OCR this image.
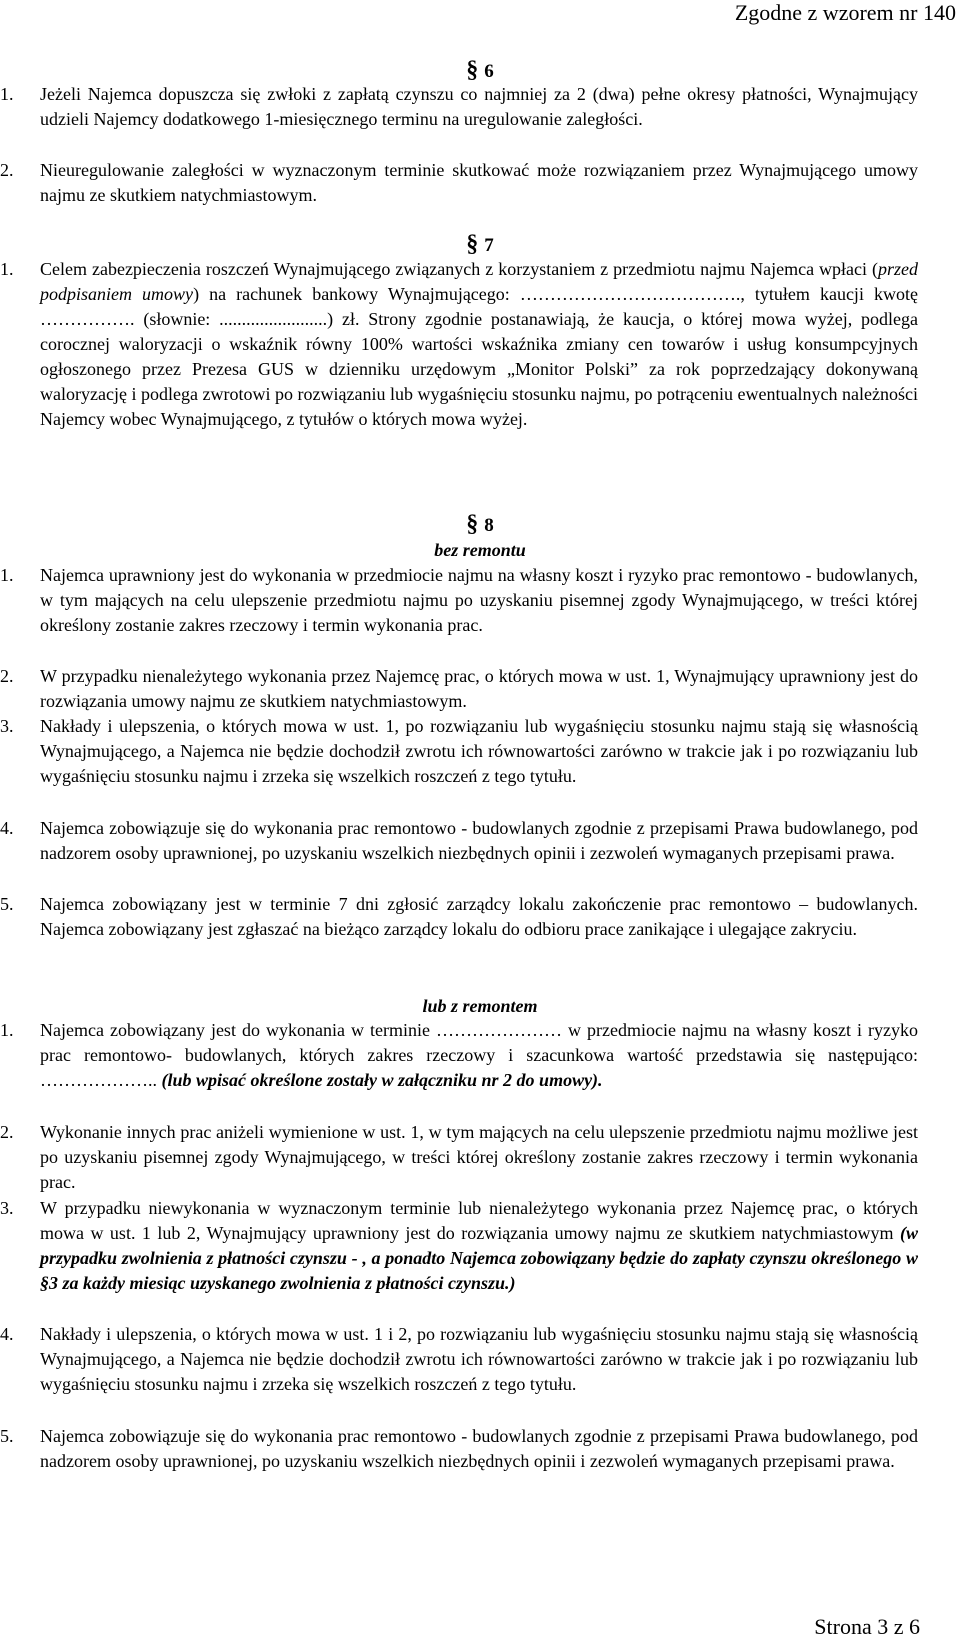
Zgodne z wzorem nr 140
§ 6
1.	Jeżeli Najemca dopuszcza się zwłoki z zapłatą czynszu co najmniej za 2 (dwa) pełne okresy płatności, Wynajmujący udzieli Najemcy dodatkowego 1-miesięcznego terminu na uregulowanie zaległości.
2.	Nieuregulowanie zaległości w wyznaczonym terminie skutkować może rozwiązaniem przez Wynajmującego umowy najmu ze skutkiem natychmiastowym.
§ 7
1.	Celem zabezpieczenia roszczeń Wynajmującego związanych z korzystaniem z przedmiotu najmu Najemca wpłaci (przed podpisaniem umowy) na rachunek bankowy Wynajmującego: ………………………………., tytułem kaucji kwotę ……………. (słownie: ........................) zł. Strony zgodnie postanawiają, że kaucja, o której mowa wyżej, podlega corocznej waloryzacji o wskaźnik równy 100% wartości wskaźnika zmiany cen towarów i usług konsumpcyjnych ogłoszonego przez Prezesa GUS w dzienniku urzędowym „Monitor Polski” za rok poprzedzający dokonywaną waloryzację i podlega zwrotowi po rozwiązaniu lub wygaśnięciu stosunku najmu, po potrąceniu ewentualnych należności Najemcy wobec Wynajmującego, z tytułów o których mowa wyżej.
§ 8
bez remontu
1.	Najemca uprawniony jest do wykonania w przedmiocie najmu na własny koszt i ryzyko prac remontowo - budowlanych, w tym mających na celu ulepszenie przedmiotu najmu po uzyskaniu pisemnej zgody Wynajmującego, w treści której określony zostanie zakres rzeczowy i termin wykonania prac.
2.	W przypadku nienależytego wykonania przez Najemcę prac, o których mowa w ust. 1, Wynajmujący uprawniony jest do rozwiązania umowy najmu ze skutkiem natychmiastowym.
3.	Nakłady i ulepszenia, o których mowa w ust. 1, po rozwiązaniu lub wygaśnięciu stosunku najmu stają się własnością Wynajmującego, a Najemca nie będzie dochodził zwrotu ich równowartości zarówno w trakcie jak i po rozwiązaniu lub wygaśnięciu stosunku najmu i zrzeka się wszelkich roszczeń z tego tytułu.
4.	Najemca zobowiązuje się do wykonania prac remontowo - budowlanych zgodnie z przepisami Prawa budowlanego, pod nadzorem osoby uprawnionej, po uzyskaniu wszelkich niezbędnych opinii i zezwoleń wymaganych przepisami prawa.
5.	Najemca zobowiązany jest w terminie 7 dni zgłosić zarządcy lokalu zakończenie prac remontowo – budowlanych. Najemca zobowiązany jest zgłaszać na bieżąco zarządcy lokalu do odbioru prace zanikające i ulegające zakryciu.
lub z remontem
1.	Najemca zobowiązany jest do wykonania w terminie ………………… w przedmiocie najmu na własny koszt i ryzyko prac remontowo- budowlanych, których zakres rzeczowy i szacunkowa wartość przedstawia się następująco: ……………….. (lub wpisać określone zostały w załączniku nr 2 do umowy).
2.	Wykonanie innych prac aniżeli wymienione w ust. 1, w tym mających na celu ulepszenie przedmiotu najmu możliwe jest po uzyskaniu pisemnej zgody Wynajmującego, w treści której określony zostanie zakres rzeczowy i termin wykonania prac.
3.	W przypadku niewykonania w wyznaczonym terminie lub nienależytego wykonania przez Najemcę prac, o których mowa w ust. 1 lub 2, Wynajmujący uprawniony jest do rozwiązania umowy najmu ze skutkiem natychmiastowym (w przypadku zwolnienia z płatności czynszu - , a ponadto Najemca zobowiązany będzie do zapłaty czynszu określonego w §3 za każdy miesiąc uzyskanego zwolnienia z płatności czynszu.)
4.	Nakłady i ulepszenia, o których mowa w ust. 1 i 2, po rozwiązaniu lub wygaśnięciu stosunku najmu stają się własnością Wynajmującego, a Najemca nie będzie dochodził zwrotu ich równowartości zarówno w trakcie jak i po rozwiązaniu lub wygaśnięciu stosunku najmu i zrzeka się wszelkich roszczeń z tego tytułu.
5.	Najemca zobowiązuje się do wykonania prac remontowo - budowlanych zgodnie z przepisami Prawa budowlanego, pod nadzorem osoby uprawnionej, po uzyskaniu wszelkich niezbędnych opinii i zezwoleń wymaganych przepisami prawa.
Strona 3 z 6
